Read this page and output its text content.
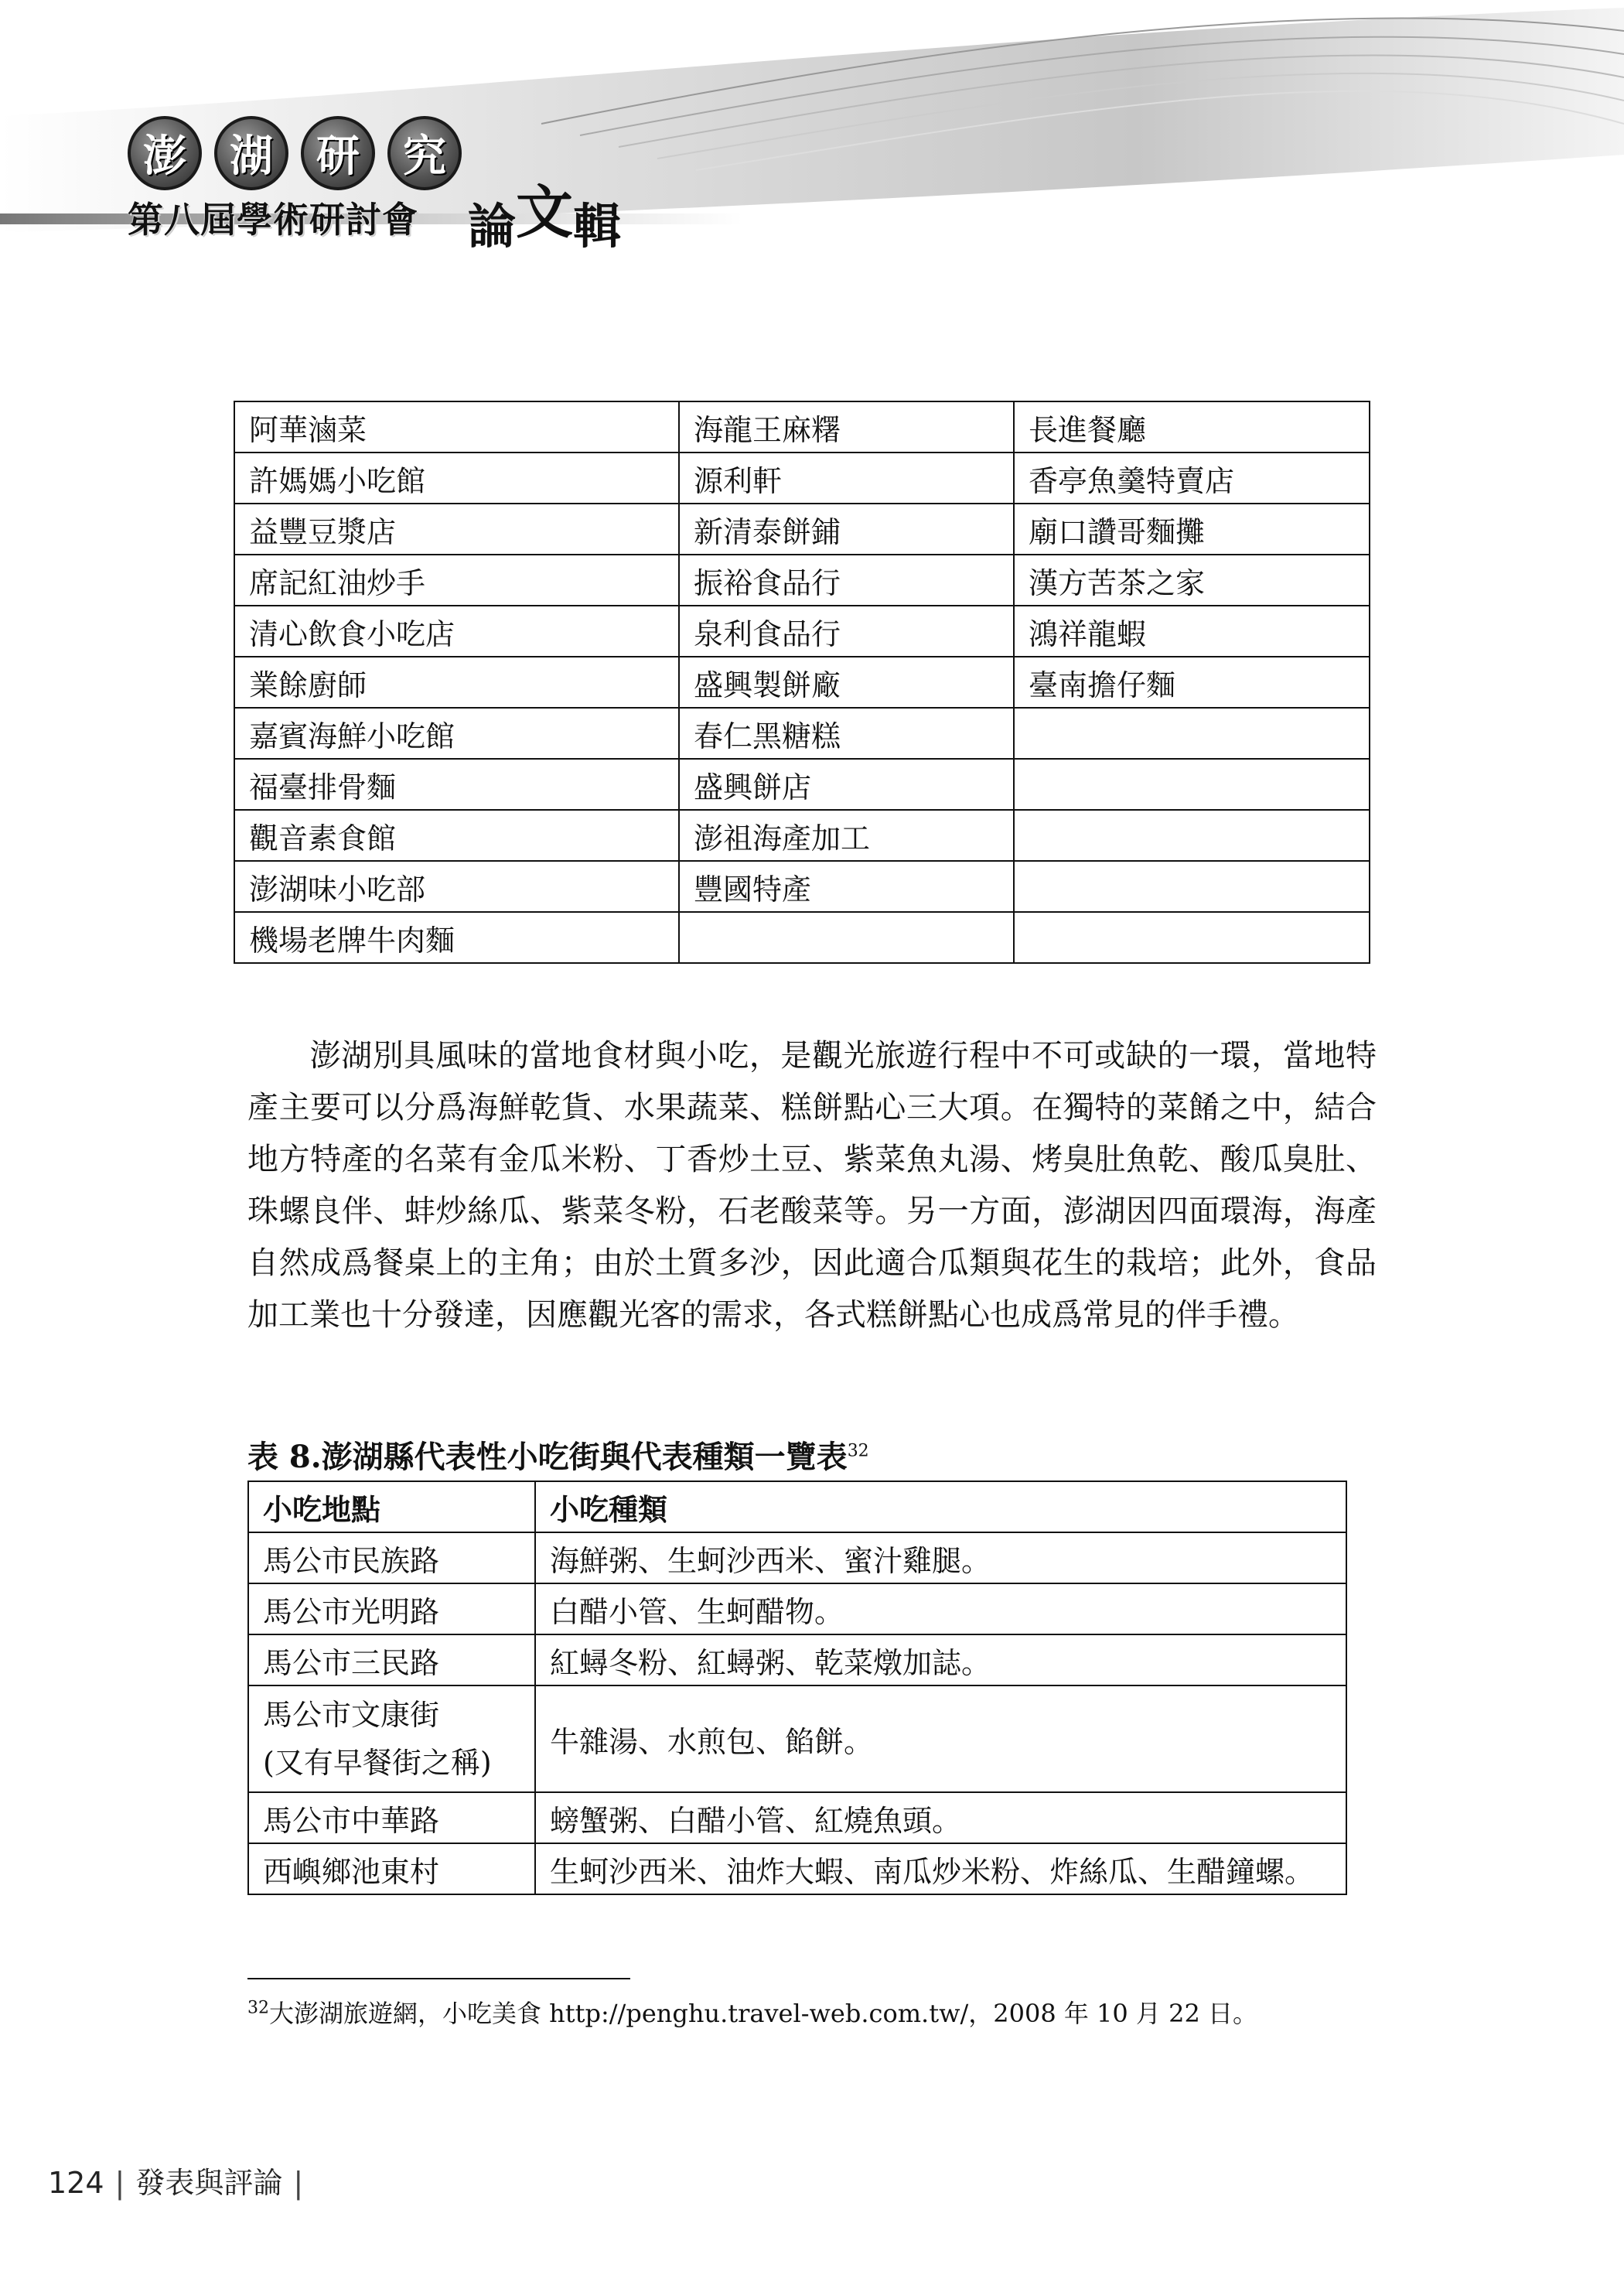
澎	湖	研	究
第八屆學術研討會 論文輯
阿華滷菜	海龍王麻糬	長進餐廳
許媽媽小吃館	源利軒	香亭魚羹特賣店
益豐豆漿店	新清泰餅鋪	廟口讚哥麵攤
席記紅油炒手	振裕食品行	漢方苦茶之家
清心飲食小吃店	泉利食品行	鴻祥龍蝦
業餘廚師	盛興製餅廠	臺南擔仔麵
嘉賓海鮮小吃館	春仁黑糖糕	
福臺排骨麵	盛興餅店	
觀音素食館	澎祖海產加工	
澎湖味小吃部	豐國特產	
機場老牌牛肉麵		

澎湖別具風味的當地食材與小吃，是觀光旅遊行程中不可或缺的一環，當地特產主要可以分爲海鮮乾貨、水果蔬菜、糕餅點心三大項。在獨特的菜餚之中，結合地方特產的名菜有金瓜米粉、丁香炒土豆、紫菜魚丸湯、烤臭肚魚乾、酸瓜臭肚、珠螺良伴、蚌炒絲瓜、紫菜冬粉，石老酸菜等。另一方面，澎湖因四面環海，海產自然成爲餐桌上的主角；由於土質多沙，因此適合瓜類與花生的栽培；此外，食品加工業也十分發達，因應觀光客的需求，各式糕餅點心也成爲常見的伴手禮。

表 8.澎湖縣代表性小吃街與代表種類一覽表$^{32}$

小吃地點	小吃種類
馬公市民族路	海鮮粥、生蚵沙西米、蜜汁雞腿。
馬公市光明路	白醋小管、生蚵醋物。
馬公市三民路	紅蟳冬粉、紅蟳粥、乾菜燉加誌。
馬公市文康街
(又有早餐街之稱)	牛雜湯、水煎包、餡餅。
馬公市中華路	螃蟹粥、白醋小管、紅燒魚頭。
西嶼鄉池東村	生蚵沙西米、油炸大蝦、南瓜炒米粉、炸絲瓜、生醋鐘螺。

$^{32}$大澎湖旅遊網，小吃美食 http://penghu.travel-web.com.tw/，2008 年 10 月 22 日。

124 | 發表與評論 |
